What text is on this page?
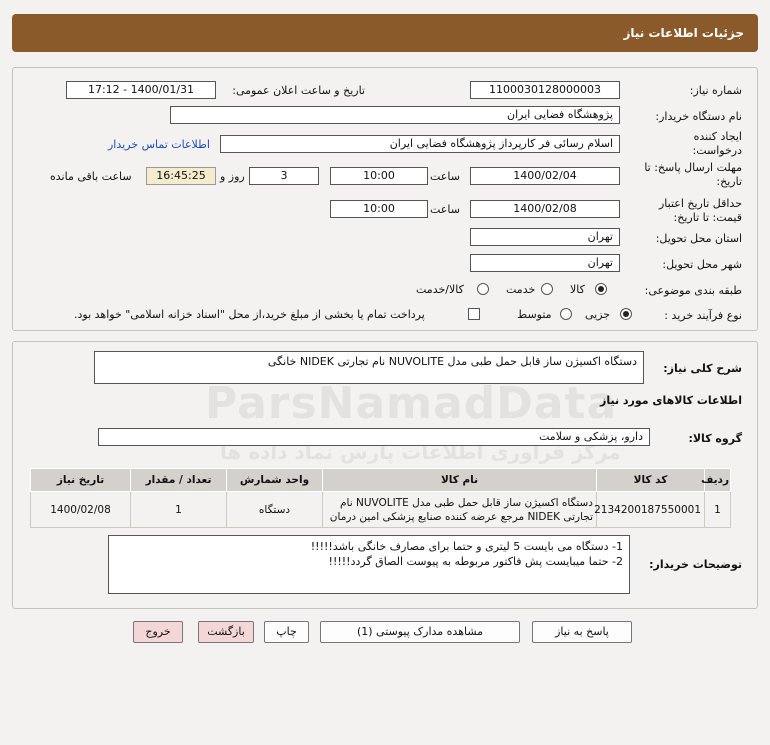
جزئیات اطلاعات نیاز
شماره نیاز:
1100030128000003
تاریخ و ساعت اعلان عمومی:
1400/01/31 - 17:12
نام دستگاه خریدار:
پژوهشگاه فضایی ایران
ایجاد کننده درخواست:
اسلام رسائی فر کارپرداز پژوهشگاه فضایی ایران
اطلاعات تماس خریدار
مهلت ارسال پاسخ: تا تاریخ:
1400/02/04
ساعت
10:00
3
روز و
16:45:25
ساعت باقی مانده
حداقل تاریخ اعتبار قیمت: تا تاریخ:
1400/02/08
ساعت
10:00
استان محل تحویل:
تهران
شهر محل تحویل:
تهران
طبقه بندی موضوعی:
کالا
خدمت
کالا/خدمت
نوع فرآیند خرید :
جزیی
متوسط
پرداخت تمام یا بخشی از مبلغ خرید،از محل "اسناد خزانه اسلامی" خواهد بود.
شرح کلی نیاز:
دستگاه اکسیژن ساز قابل حمل طبی مدل NUVOLITE نام تجارتی NIDEK خانگی
اطلاعات کالاهای مورد نیاز
گروه کالا:
دارو، پزشکی و سلامت
ردیف	کد کالا	نام کالا	واحد شمارش	تعداد / مقدار	تاریخ نیاز
1	2134200187550001	دستگاه اکسیژن ساز قابل حمل طبی مدل NUVOLITE نام تجارتی NIDEK مرجع عرضه کننده صنایع پزشکی امین درمان	دستگاه	1	1400/02/08
توضیحات خریدار:
1- دستگاه می بایست 5 لیتری و حتما برای مصارف خانگی باشد!!!!!
2- حتما میبایست پش فاکتور مربوطه به پیوست الصاق گردد!!!!!
پاسخ به نیاز
مشاهده مدارک پیوستی (1)
چاپ
بازگشت
خروج
